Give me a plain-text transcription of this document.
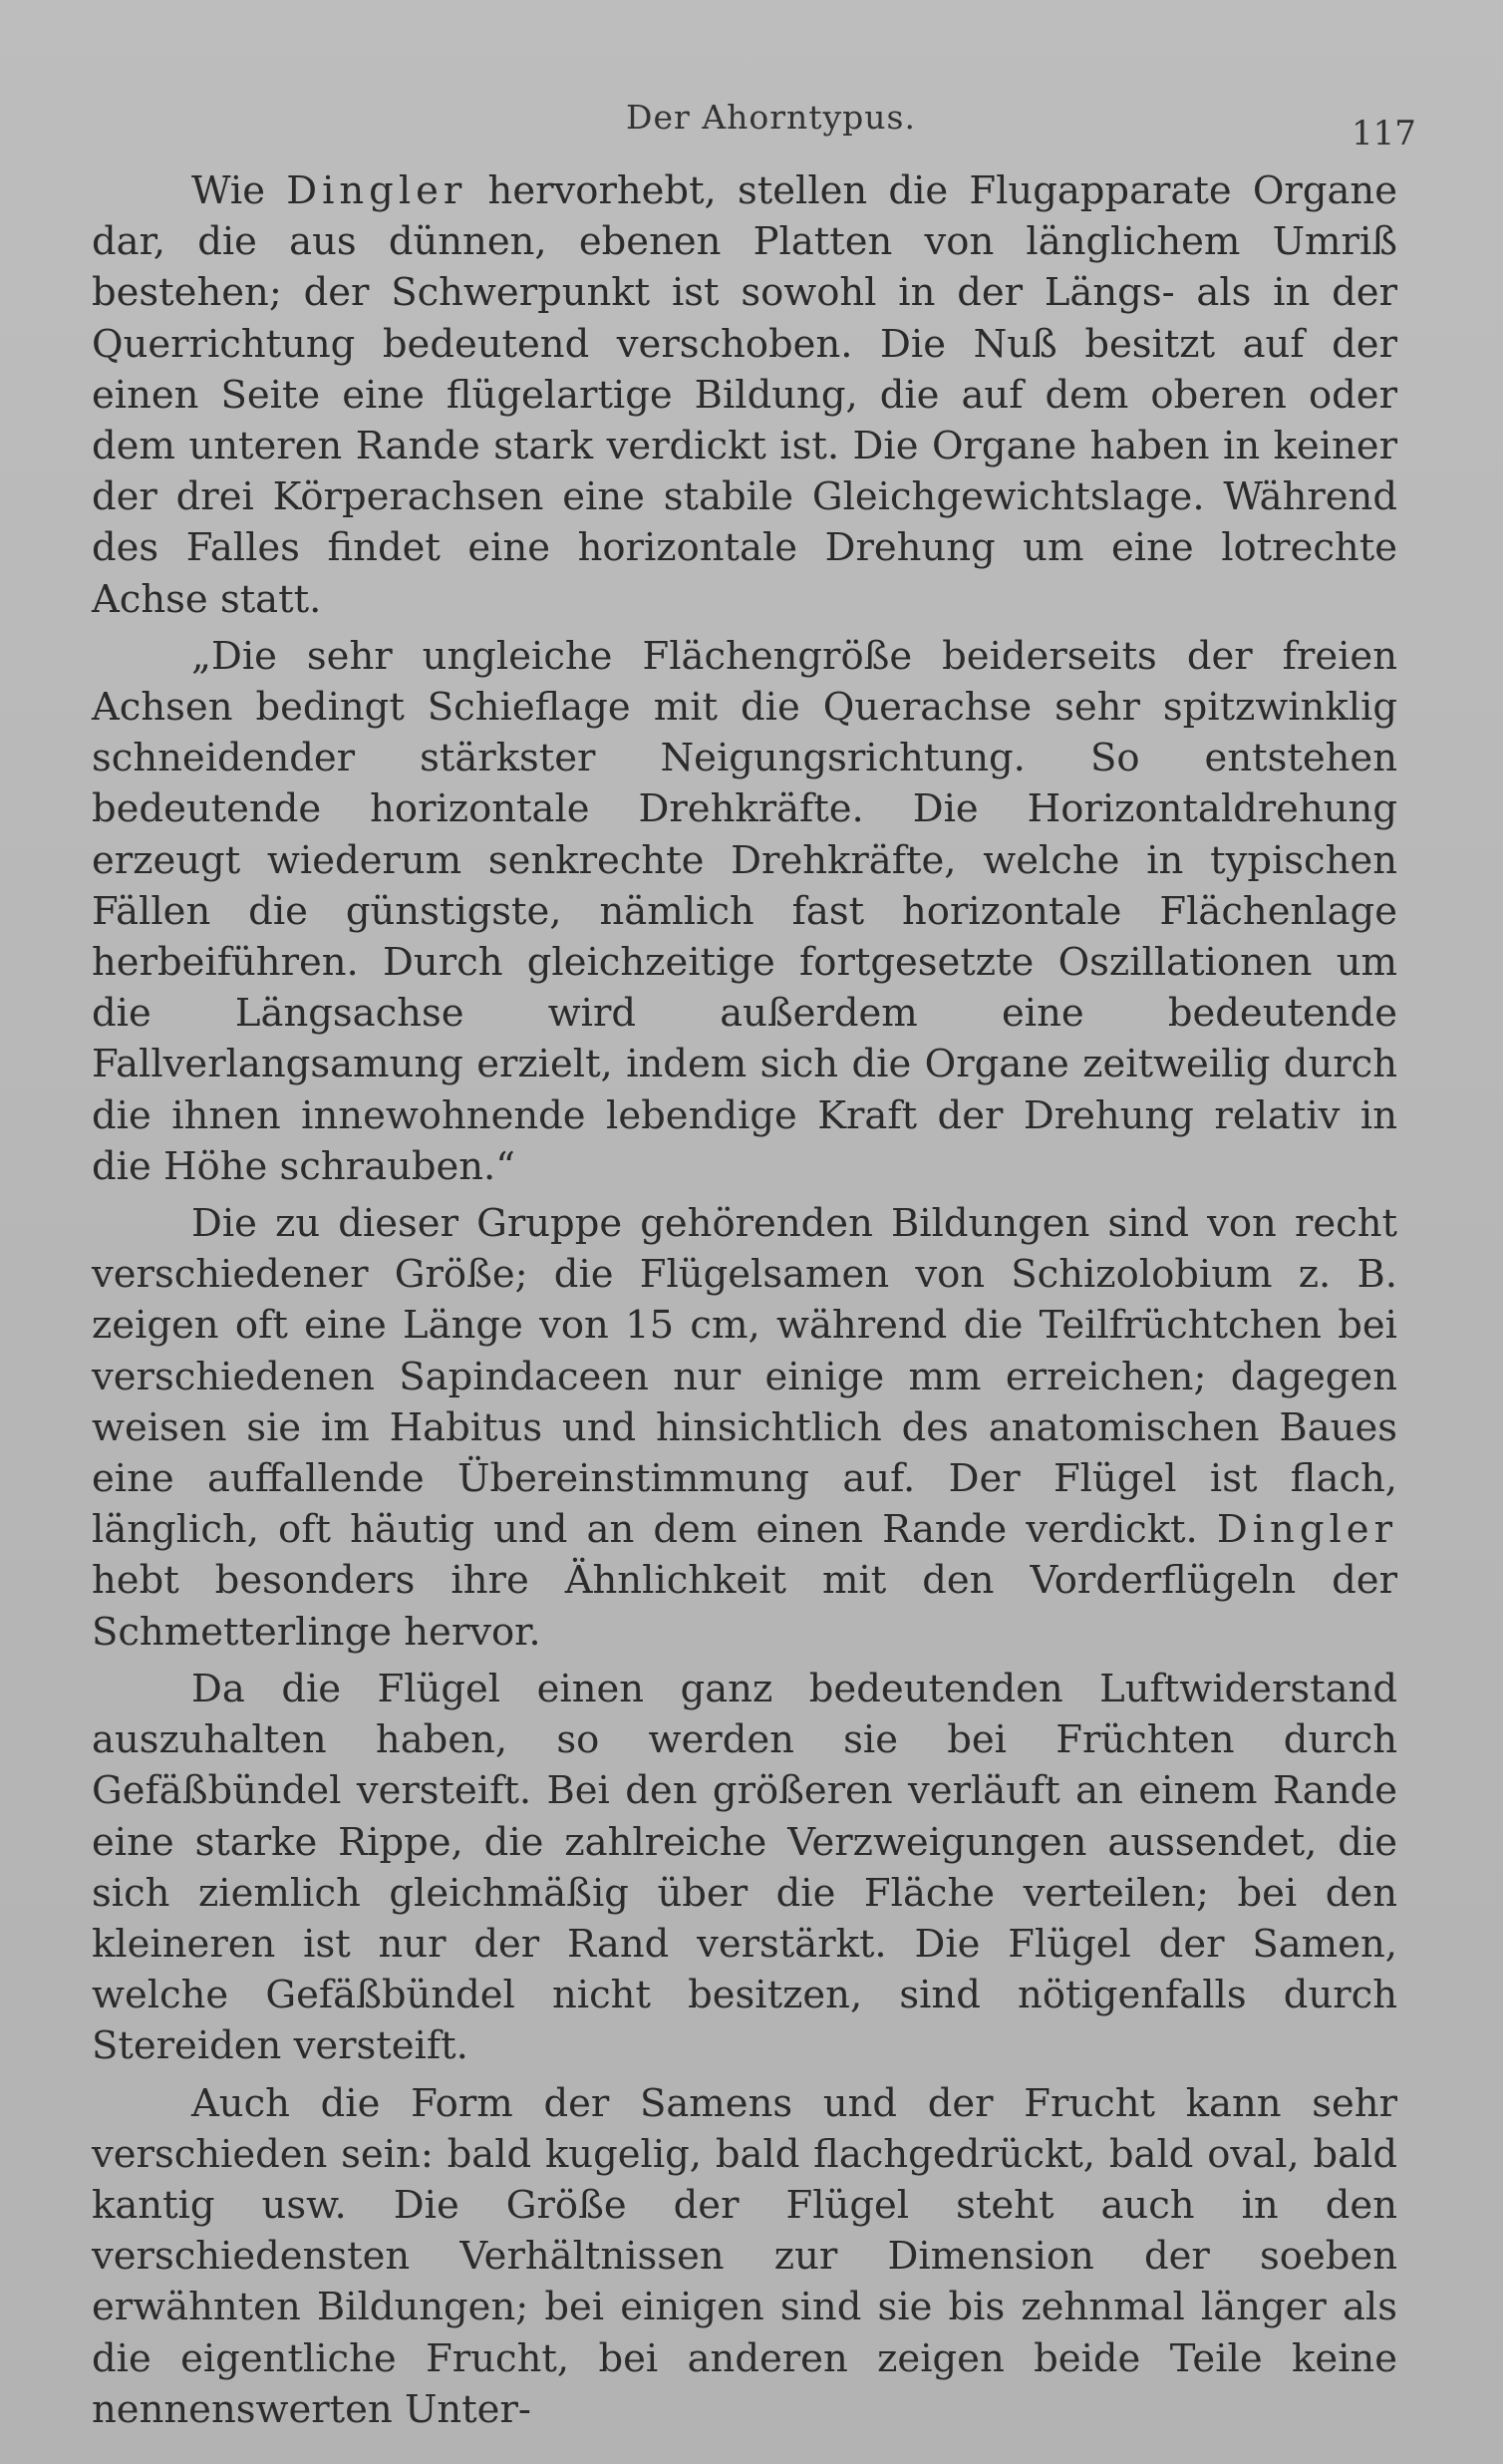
Der Ahorntypus.	117

Wie Dingler hervorhebt, stellen die Flugapparate Organe dar, die aus dünnen, ebenen Platten von länglichem Umriß bestehen; der Schwerpunkt ist sowohl in der Längs- als in der Querrichtung bedeutend verschoben. Die Nuß besitzt auf der einen Seite eine flügelartige Bildung, die auf dem oberen oder dem unteren Rande stark verdickt ist. Die Organe haben in keiner der drei Körperachsen eine stabile Gleichgewichtslage. Während des Falles findet eine horizontale Drehung um eine lotrechte Achse statt.

„Die sehr ungleiche Flächengröße beiderseits der freien Achsen bedingt Schieflage mit die Querachse sehr spitzwinklig schneidender stärkster Neigungsrichtung. So entstehen bedeutende horizontale Drehkräfte. Die Horizontaldrehung erzeugt wiederum senkrechte Drehkräfte, welche in typischen Fällen die günstigste, nämlich fast horizontale Flächenlage herbeiführen. Durch gleichzeitige fortgesetzte Oszillationen um die Längsachse wird außerdem eine bedeutende Fallverlangsamung erzielt, indem sich die Organe zeitweilig durch die ihnen innewohnende lebendige Kraft der Drehung relativ in die Höhe schrauben.“

Die zu dieser Gruppe gehörenden Bildungen sind von recht verschiedener Größe; die Flügelsamen von Schizolobium z. B. zeigen oft eine Länge von 15 cm, während die Teilfrüchtchen bei verschiedenen Sapindaceen nur einige mm erreichen; dagegen weisen sie im Habitus und hinsichtlich des anatomischen Baues eine auffallende Übereinstimmung auf. Der Flügel ist flach, länglich, oft häutig und an dem einen Rande verdickt. Dingler hebt besonders ihre Ähnlichkeit mit den Vorderflügeln der Schmetterlinge hervor.

Da die Flügel einen ganz bedeutenden Luftwiderstand auszuhalten haben, so werden sie bei Früchten durch Gefäßbündel versteift. Bei den größeren verläuft an einem Rande eine starke Rippe, die zahlreiche Verzweigungen aussendet, die sich ziemlich gleichmäßig über die Fläche verteilen; bei den kleineren ist nur der Rand verstärkt. Die Flügel der Samen, welche Gefäßbündel nicht besitzen, sind nötigenfalls durch Stereiden versteift.

Auch die Form der Samens und der Frucht kann sehr verschieden sein: bald kugelig, bald flachgedrückt, bald oval, bald kantig usw. Die Größe der Flügel steht auch in den verschiedensten Verhältnissen zur Dimension der soeben erwähnten Bildungen; bei einigen sind sie bis zehnmal länger als die eigentliche Frucht, bei anderen zeigen beide Teile keine nennenswerten Unter-
